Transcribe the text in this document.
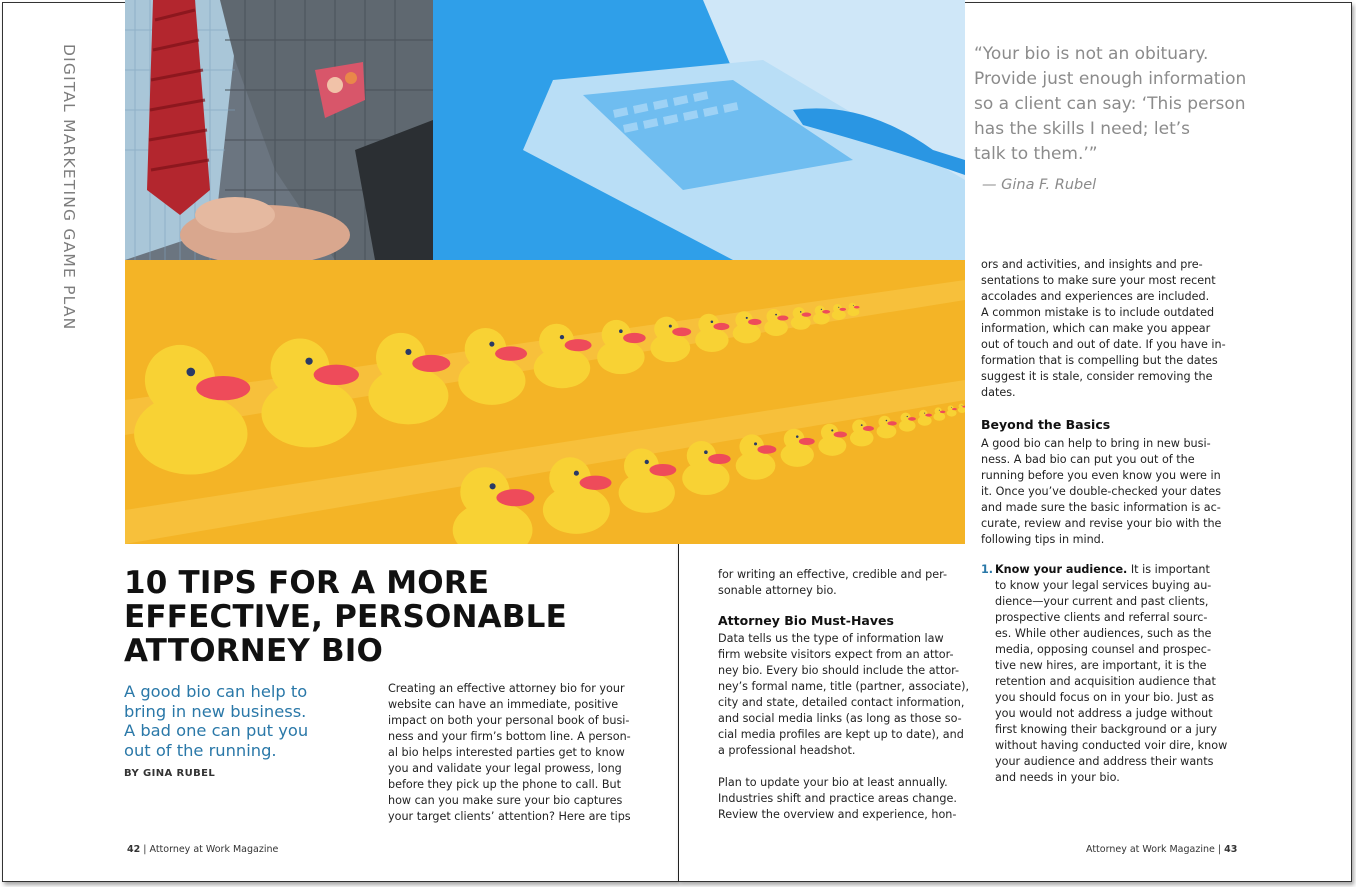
DIGITAL MARKETING GAME PLAN	“Your bio is not an obituary.
Provide just enough information
so a client can say: ‘This person
has the skills I need; let’s
talk to them.’”
— Gina F. Rubel
10 TIPS FOR A MORE
EFFECTIVE, PERSONABLE
ATTORNEY BIO
A good bio can help to
bring in new business.
A bad one can put you
out of the running.
BY GINA RUBEL

Creating an effective attorney bio for your
website can have an immediate, positive
impact on both your personal book of busi-
ness and your firm’s bottom line. A person-
al bio helps interested parties get to know
you and validate your legal prowess, long
before they pick up the phone to call. But
how can you make sure your bio captures
your target clients’ attention? Here are tips

for writing an effective, credible and per-
sonable attorney bio.

Attorney Bio Must-Haves

Data tells us the type of information law
firm website visitors expect from an attor-
ney bio. Every bio should include the attor-
ney’s formal name, title (partner, associate),
city and state, detailed contact information,
and social media links (as long as those so-
cial media profiles are kept up to date), and
a professional headshot.

Plan to update your bio at least annually.
Industries shift and practice areas change.
Review the overview and experience, hon-

ors and activities, and insights and pre-
sentations to make sure your most recent
accolades and experiences are included.
A common mistake is to include outdated
information, which can make you appear
out of touch and out of date. If you have in-
formation that is compelling but the dates
suggest it is stale, consider removing the
dates.

Beyond the Basics

A good bio can help to bring in new busi-
ness. A bad bio can put you out of the
running before you even know you were in
it. Once you’ve double-checked your dates
and made sure the basic information is ac-
curate, review and revise your bio with the
following tips in mind.

1. Know your audience. It is important
to know your legal services buying au-
dience—your current and past clients,
prospective clients and referral sourc-
es. While other audiences, such as the
media, opposing counsel and prospec-
tive new hires, are important, it is the
retention and acquisition audience that
you should focus on in your bio. Just as
you would not address a judge without
first knowing their background or a jury
without having conducted voir dire, know
your audience and address their wants
and needs in your bio.

42 | Attorney at Work Magazine	Attorney at Work Magazine | 43
